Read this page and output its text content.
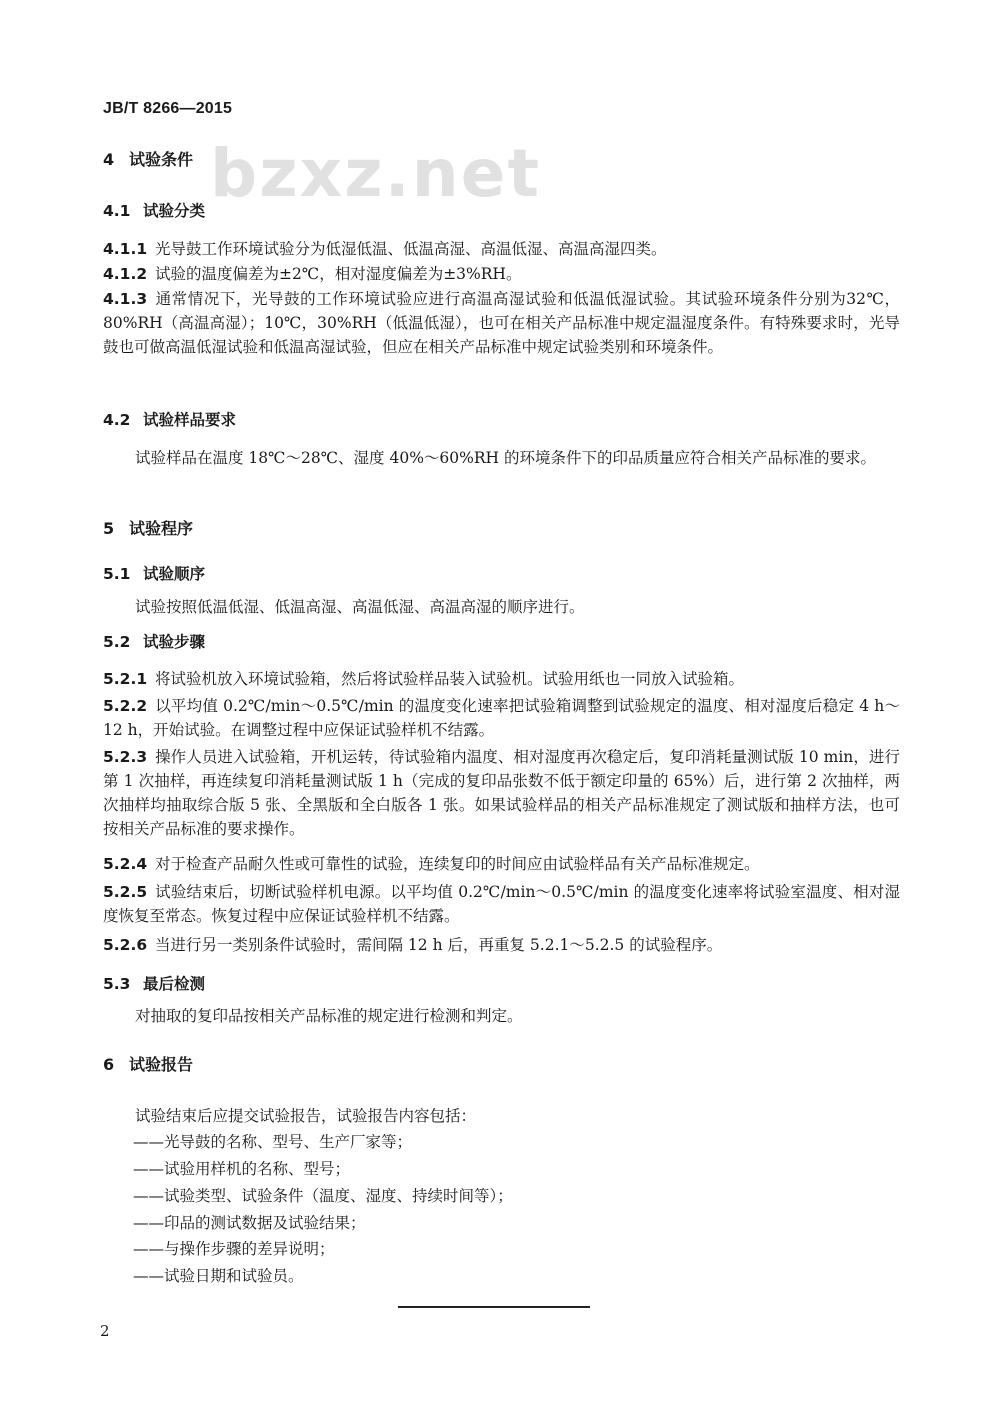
JB/T 8266—2015
bzxz.net
4 试验条件
4.1 试验分类
4.1.1 光导鼓工作环境试验分为低湿低温、低温高湿、高温低湿、高温高湿四类。
4.1.2 试验的温度偏差为±2℃，相对湿度偏差为±3%RH。
4.1.3 通常情况下，光导鼓的工作环境试验应进行高温高湿试验和低温低湿试验。其试验环境条件分别为32℃，80%RH（高温高湿）；10℃，30%RH（低温低湿），也可在相关产品标准中规定温湿度条件。有特殊要求时，光导鼓也可做高温低湿试验和低温高湿试验，但应在相关产品标准中规定试验类别和环境条件。
4.2 试验样品要求
试验样品在温度 18℃～28℃、湿度 40%～60%RH 的环境条件下的印品质量应符合相关产品标准的要求。
5 试验程序
5.1 试验顺序
试验按照低温低湿、低温高湿、高温低湿、高温高湿的顺序进行。
5.2 试验步骤
5.2.1 将试验机放入环境试验箱，然后将试验样品装入试验机。试验用纸也一同放入试验箱。
5.2.2 以平均值 0.2℃/min～0.5℃/min 的温度变化速率把试验箱调整到试验规定的温度、相对湿度后稳定 4 h～12 h，开始试验。在调整过程中应保证试验样机不结露。
5.2.3 操作人员进入试验箱，开机运转，待试验箱内温度、相对湿度再次稳定后，复印消耗量测试版 10 min，进行第 1 次抽样，再连续复印消耗量测试版 1 h（完成的复印品张数不低于额定印量的 65%）后，进行第 2 次抽样，两次抽样均抽取综合版 5 张、全黑版和全白版各 1 张。如果试验样品的相关产品标准规定了测试版和抽样方法，也可按相关产品标准的要求操作。
5.2.4 对于检查产品耐久性或可靠性的试验，连续复印的时间应由试验样品有关产品标准规定。
5.2.5 试验结束后，切断试验样机电源。以平均值 0.2℃/min～0.5℃/min 的温度变化速率将试验室温度、相对湿度恢复至常态。恢复过程中应保证试验样机不结露。
5.2.6 当进行另一类别条件试验时，需间隔 12 h 后，再重复 5.2.1～5.2.5 的试验程序。
5.3 最后检测
对抽取的复印品按相关产品标准的规定进行检测和判定。
6 试验报告
试验结束后应提交试验报告，试验报告内容包括：
——光导鼓的名称、型号、生产厂家等；
——试验用样机的名称、型号；
——试验类型、试验条件（温度、湿度、持续时间等）；
——印品的测试数据及试验结果；
——与操作步骤的差异说明；
——试验日期和试验员。
2
